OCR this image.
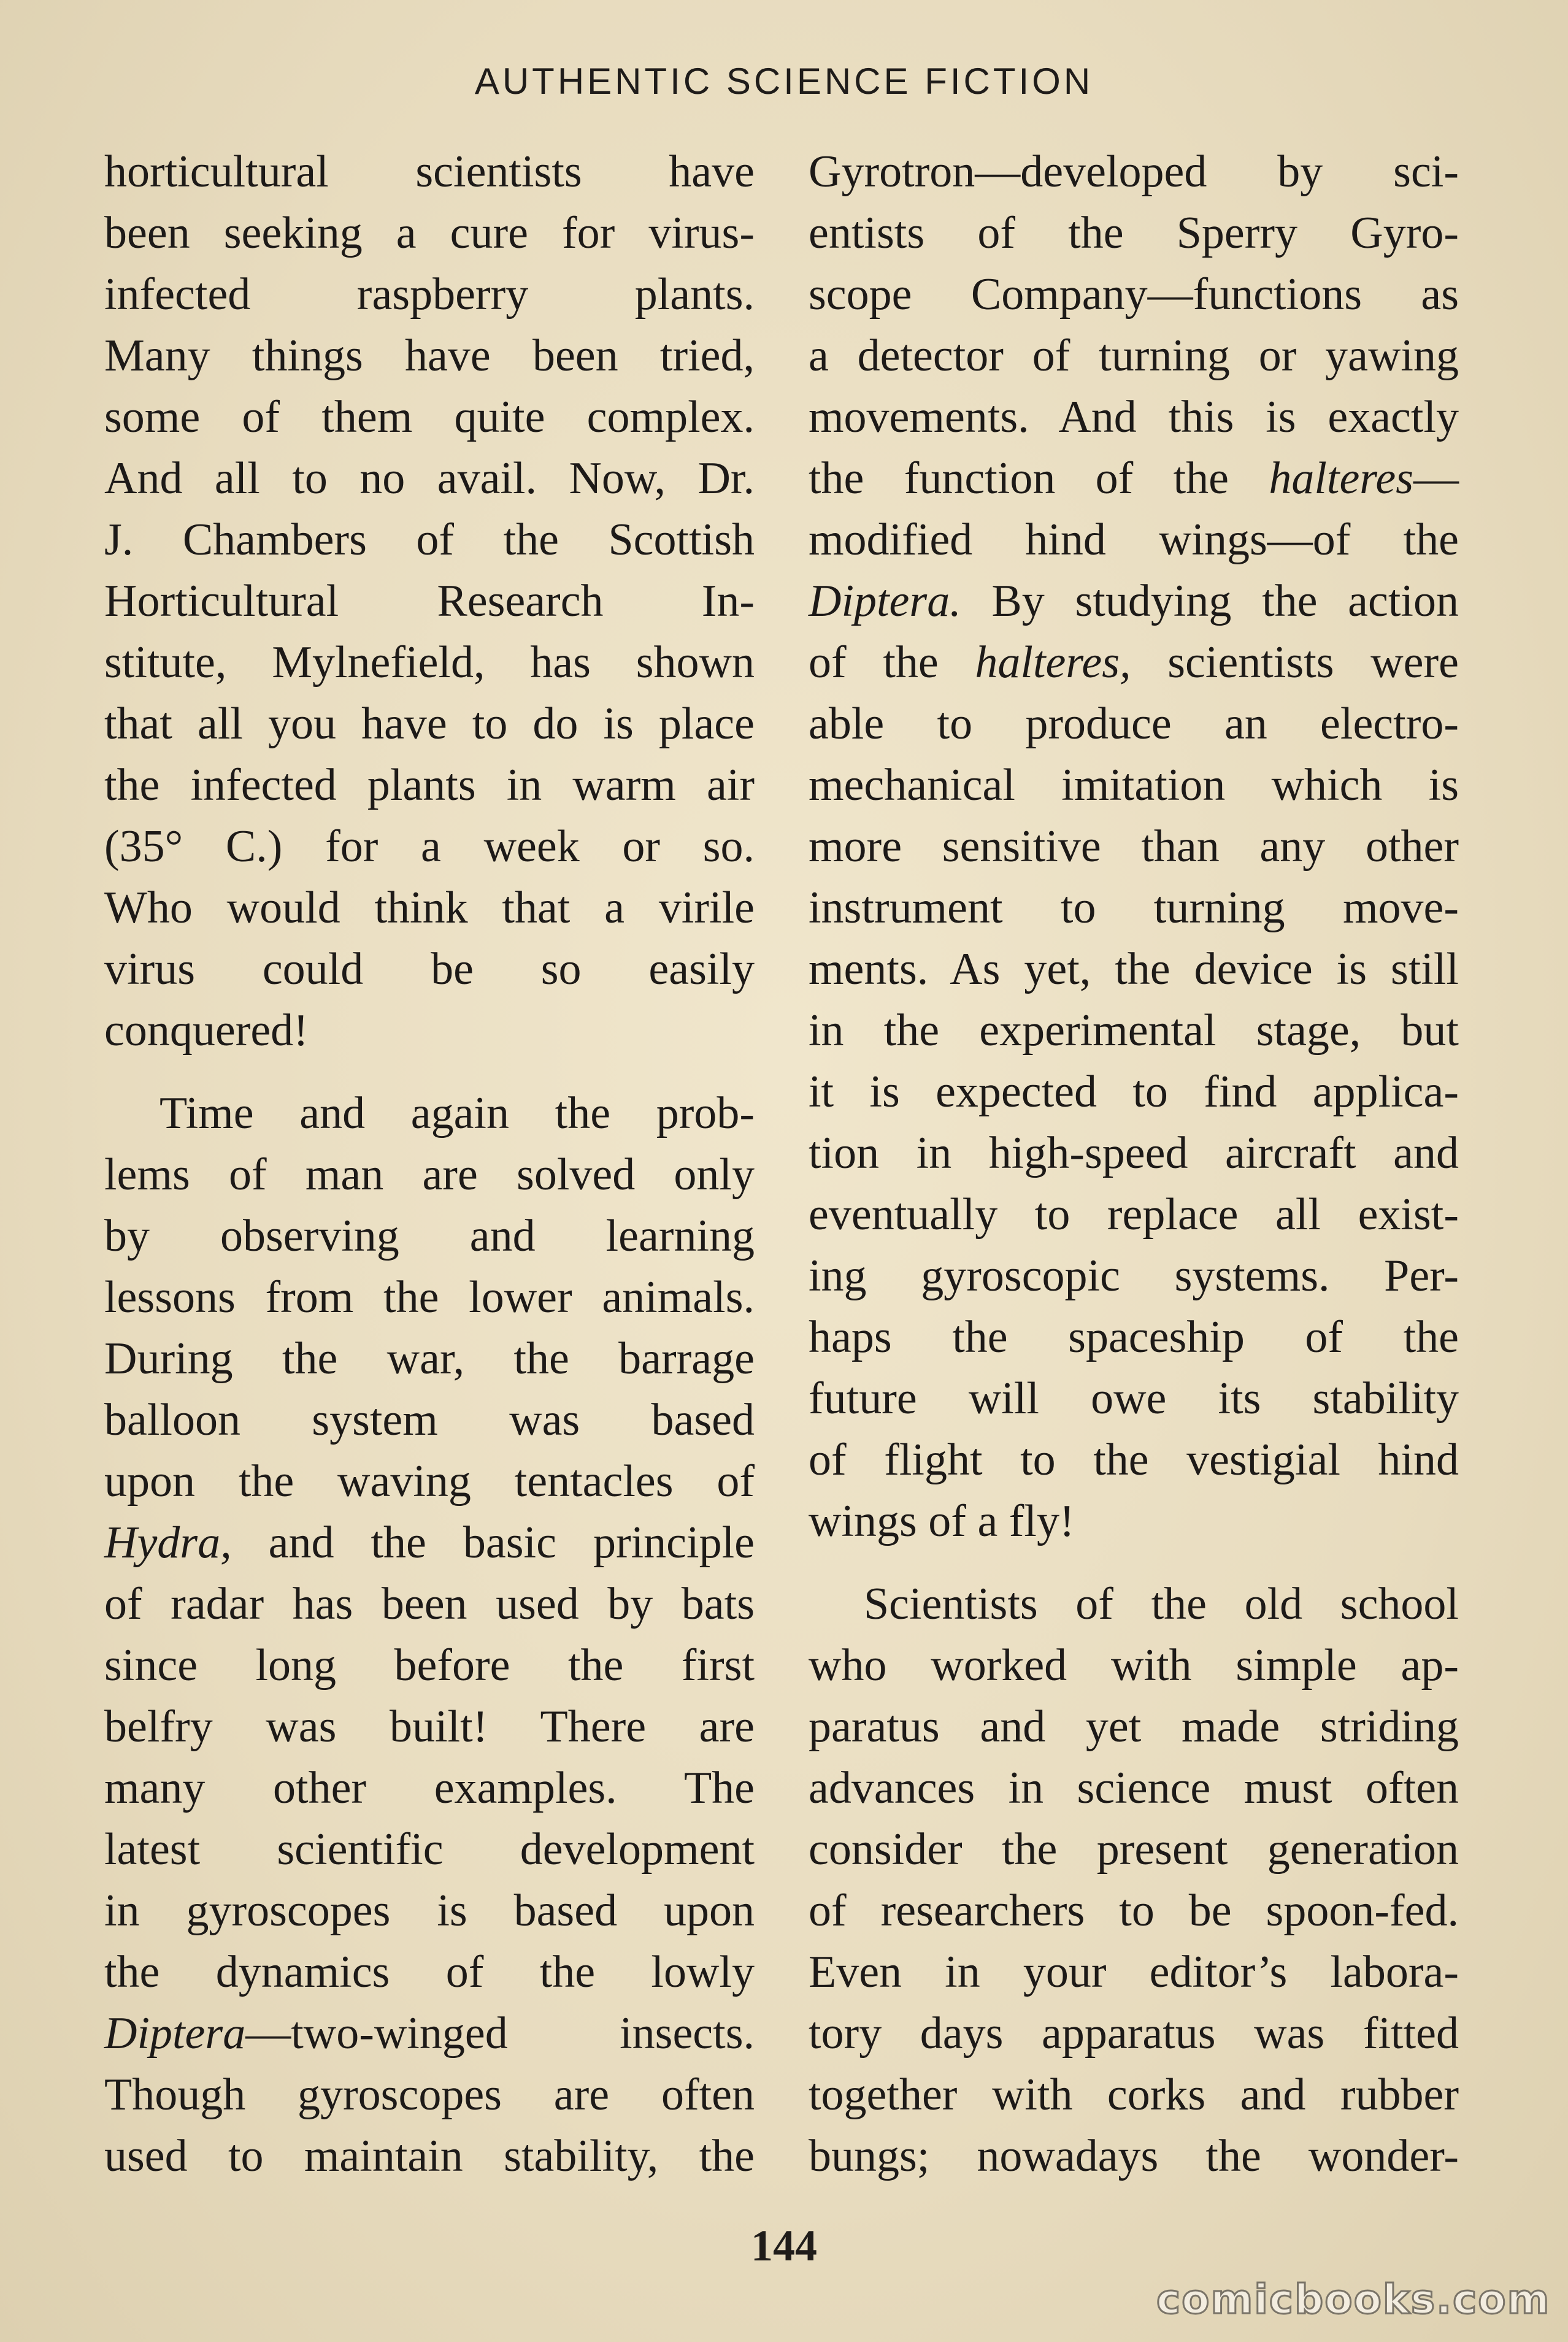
AUTHENTIC SCIENCE FICTION
horticultural scientists have
been seeking a cure for virus-
infected raspberry plants.
Many things have been tried,
some of them quite complex.
And all to no avail. Now, Dr.
J. Chambers of the Scottish
Horticultural Research In-
stitute, Mylnefield, has shown
that all you have to do is place
the infected plants in warm air
(35° C.) for a week or so.
Who would think that a virile
virus could be so easily
conquered!
Time and again the prob-
lems of man are solved only
by observing and learning
lessons from the lower animals.
During the war, the barrage
balloon system was based
upon the waving tentacles of
Hydra, and the basic principle
of radar has been used by bats
since long before the first
belfry was built! There are
many other examples. The
latest scientific development
in gyroscopes is based upon
the dynamics of the lowly
Diptera—two-winged insects.
Though gyroscopes are often
used to maintain stability, the
Gyrotron—developed by sci-
entists of the Sperry Gyro-
scope Company—functions as
a detector of turning or yawing
movements. And this is exactly
the function of the halteres—
modified hind wings—of the
Diptera. By studying the action
of the halteres, scientists were
able to produce an electro-
mechanical imitation which is
more sensitive than any other
instrument to turning move-
ments. As yet, the device is still
in the experimental stage, but
it is expected to find applica-
tion in high-speed aircraft and
eventually to replace all exist-
ing gyroscopic systems. Per-
haps the spaceship of the
future will owe its stability
of flight to the vestigial hind
wings of a fly!
Scientists of the old school
who worked with simple ap-
paratus and yet made striding
advances in science must often
consider the present generation
of researchers to be spoon-fed.
Even in your editor’s labora-
tory days apparatus was fitted
together with corks and rubber
bungs; nowadays the wonder-
144
comicbooks.com
